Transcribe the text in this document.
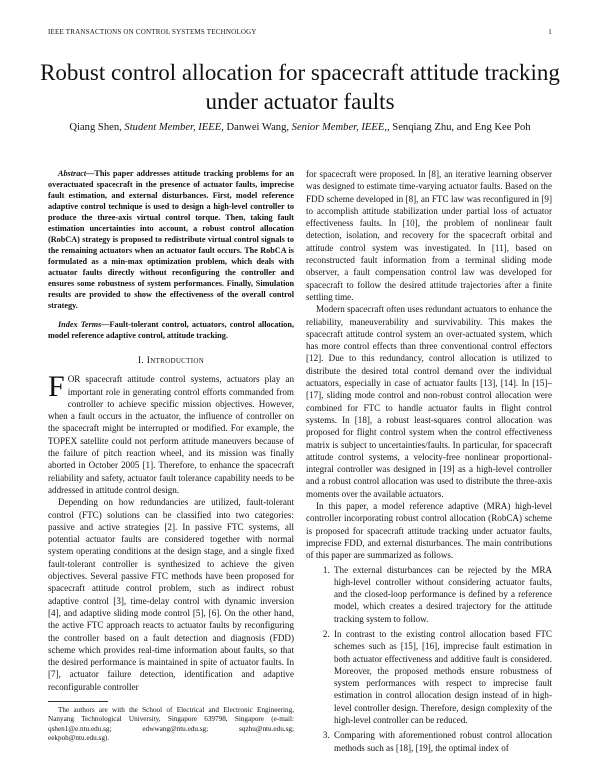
IEEE TRANSACTIONS ON CONTROL SYSTEMS TECHNOLOGY	1
Robust control allocation for spacecraft attitude tracking under actuator faults
Qiang Shen, Student Member, IEEE, Danwei Wang, Senior Member, IEEE,, Senqiang Zhu, and Eng Kee Poh

Abstract—This paper addresses attitude tracking problems for an overactuated spacecraft in the presence of actuator faults, imprecise fault estimation, and external disturbances. First, model reference adaptive control technique is used to design a high-level controller to produce the three-axis virtual control torque. Then, taking fault estimation uncertainties into account, a robust control allocation (RobCA) strategy is proposed to redistribute virtual control signals to the remaining actuators when an actuator fault occurs. The RobCA is formulated as a min-max optimization problem, which deals with actuator faults directly without reconfiguring the controller and ensures some robustness of system performances. Finally, Simulation results are provided to show the effectiveness of the overall control strategy.

Index Terms—Fault-tolerant control, actuators, control allocation, model reference adaptive control, attitude tracking.

I. Introduction

FOR spacecraft attitude control systems, actuators play an important role in generating control efforts commanded from controller to achieve specific mission objectives. However, when a fault occurs in the actuator, the influence of controller on the spacecraft might be interrupted or modified. For example, the TOPEX satellite could not perform attitude maneuvers because of the failure of pitch reaction wheel, and its mission was finally aborted in October 2005 [1]. Therefore, to enhance the spacecraft reliability and safety, actuator fault tolerance capability needs to be addressed in attitude control design.

Depending on how redundancies are utilized, fault-tolerant control (FTC) solutions can be classified into two categories: passive and active strategies [2]. In passive FTC systems, all potential actuator faults are considered together with normal system operating conditions at the design stage, and a single fixed fault-tolerant controller is synthesized to achieve the given objectives. Several passive FTC methods have been proposed for spacecraft attitude control problem, such as indirect robust adaptive control [3], time-delay control with dynamic inversion [4], and adaptive sliding mode control [5], [6]. On the other hand, the active FTC approach reacts to actuator faults by reconfiguring the controller based on a fault detection and diagnosis (FDD) scheme which provides real-time information about faults, so that the desired performance is maintained in spite of actuator faults. In [7], actuator failure detection, identification and adaptive reconfigurable controller

The authors are with the School of Electrical and Electronic Engineering, Nanyang Technological University, Singapore 639798, Singapore (e-mail: qshen1@e.ntu.edu.sg; edwwang@ntu.edu.sg; sqzhu@ntu.edu.sg; eekpoh@ntu.edu.sg).

for spacecraft were proposed. In [8], an iterative learning observer was designed to estimate time-varying actuator faults. Based on the FDD scheme developed in [8], an FTC law was reconfigured in [9] to accomplish attitude stabilization under partial loss of actuator effectiveness faults. In [10], the problem of nonlinear fault detection, isolation, and recovery for the spacecraft orbital and attitude control system was investigated. In [11], based on reconstructed fault information from a terminal sliding mode observer, a fault compensation control law was developed for spacecraft to follow the desired attitude trajectories after a finite settling time.

Modern spacecraft often uses redundant actuators to enhance the reliability, maneuverability and survivability. This makes the spacecraft attitude control system an over-actuated system, which has more control effects than three conventional control effectors [12]. Due to this redundancy, control allocation is utilized to distribute the desired total control demand over the individual actuators, especially in case of actuator faults [13], [14]. In [15]–[17], sliding mode control and non-robust control allocation were combined for FTC to handle actuator faults in flight control systems. In [18], a robust least-squares control allocation was proposed for flight control system when the control effectiveness matrix is subject to uncertainties/faults. In particular, for spacecraft attitude control systems, a velocity-free nonlinear proportional-integral controller was designed in [19] as a high-level controller and a robust control allocation was used to distribute the three-axis moments over the available actuators.

In this paper, a model reference adaptive (MRA) high-level controller incorporating robust control allocation (RobCA) scheme is proposed for spacecraft attitude tracking under actuator faults, imprecise FDD, and external disturbances. The main contributions of this paper are summarized as follows.

1. The external disturbances can be rejected by the MRA high-level controller without considering actuator faults, and the closed-loop performance is defined by a reference model, which creates a desired trajectory for the attitude tracking system to follow.
2. In contrast to the existing control allocation based FTC schemes such as [15], [16], imprecise fault estimation in both actuator effectiveness and additive fault is considered. Moreover, the proposed methods ensure robustness of system performances with respect to imprecise fault estimation in control allocation design instead of in high-level controller design. Therefore, design complexity of the high-level controller can be reduced.
3. Comparing with aforementioned robust control allocation methods such as [18], [19], the optimal index of
